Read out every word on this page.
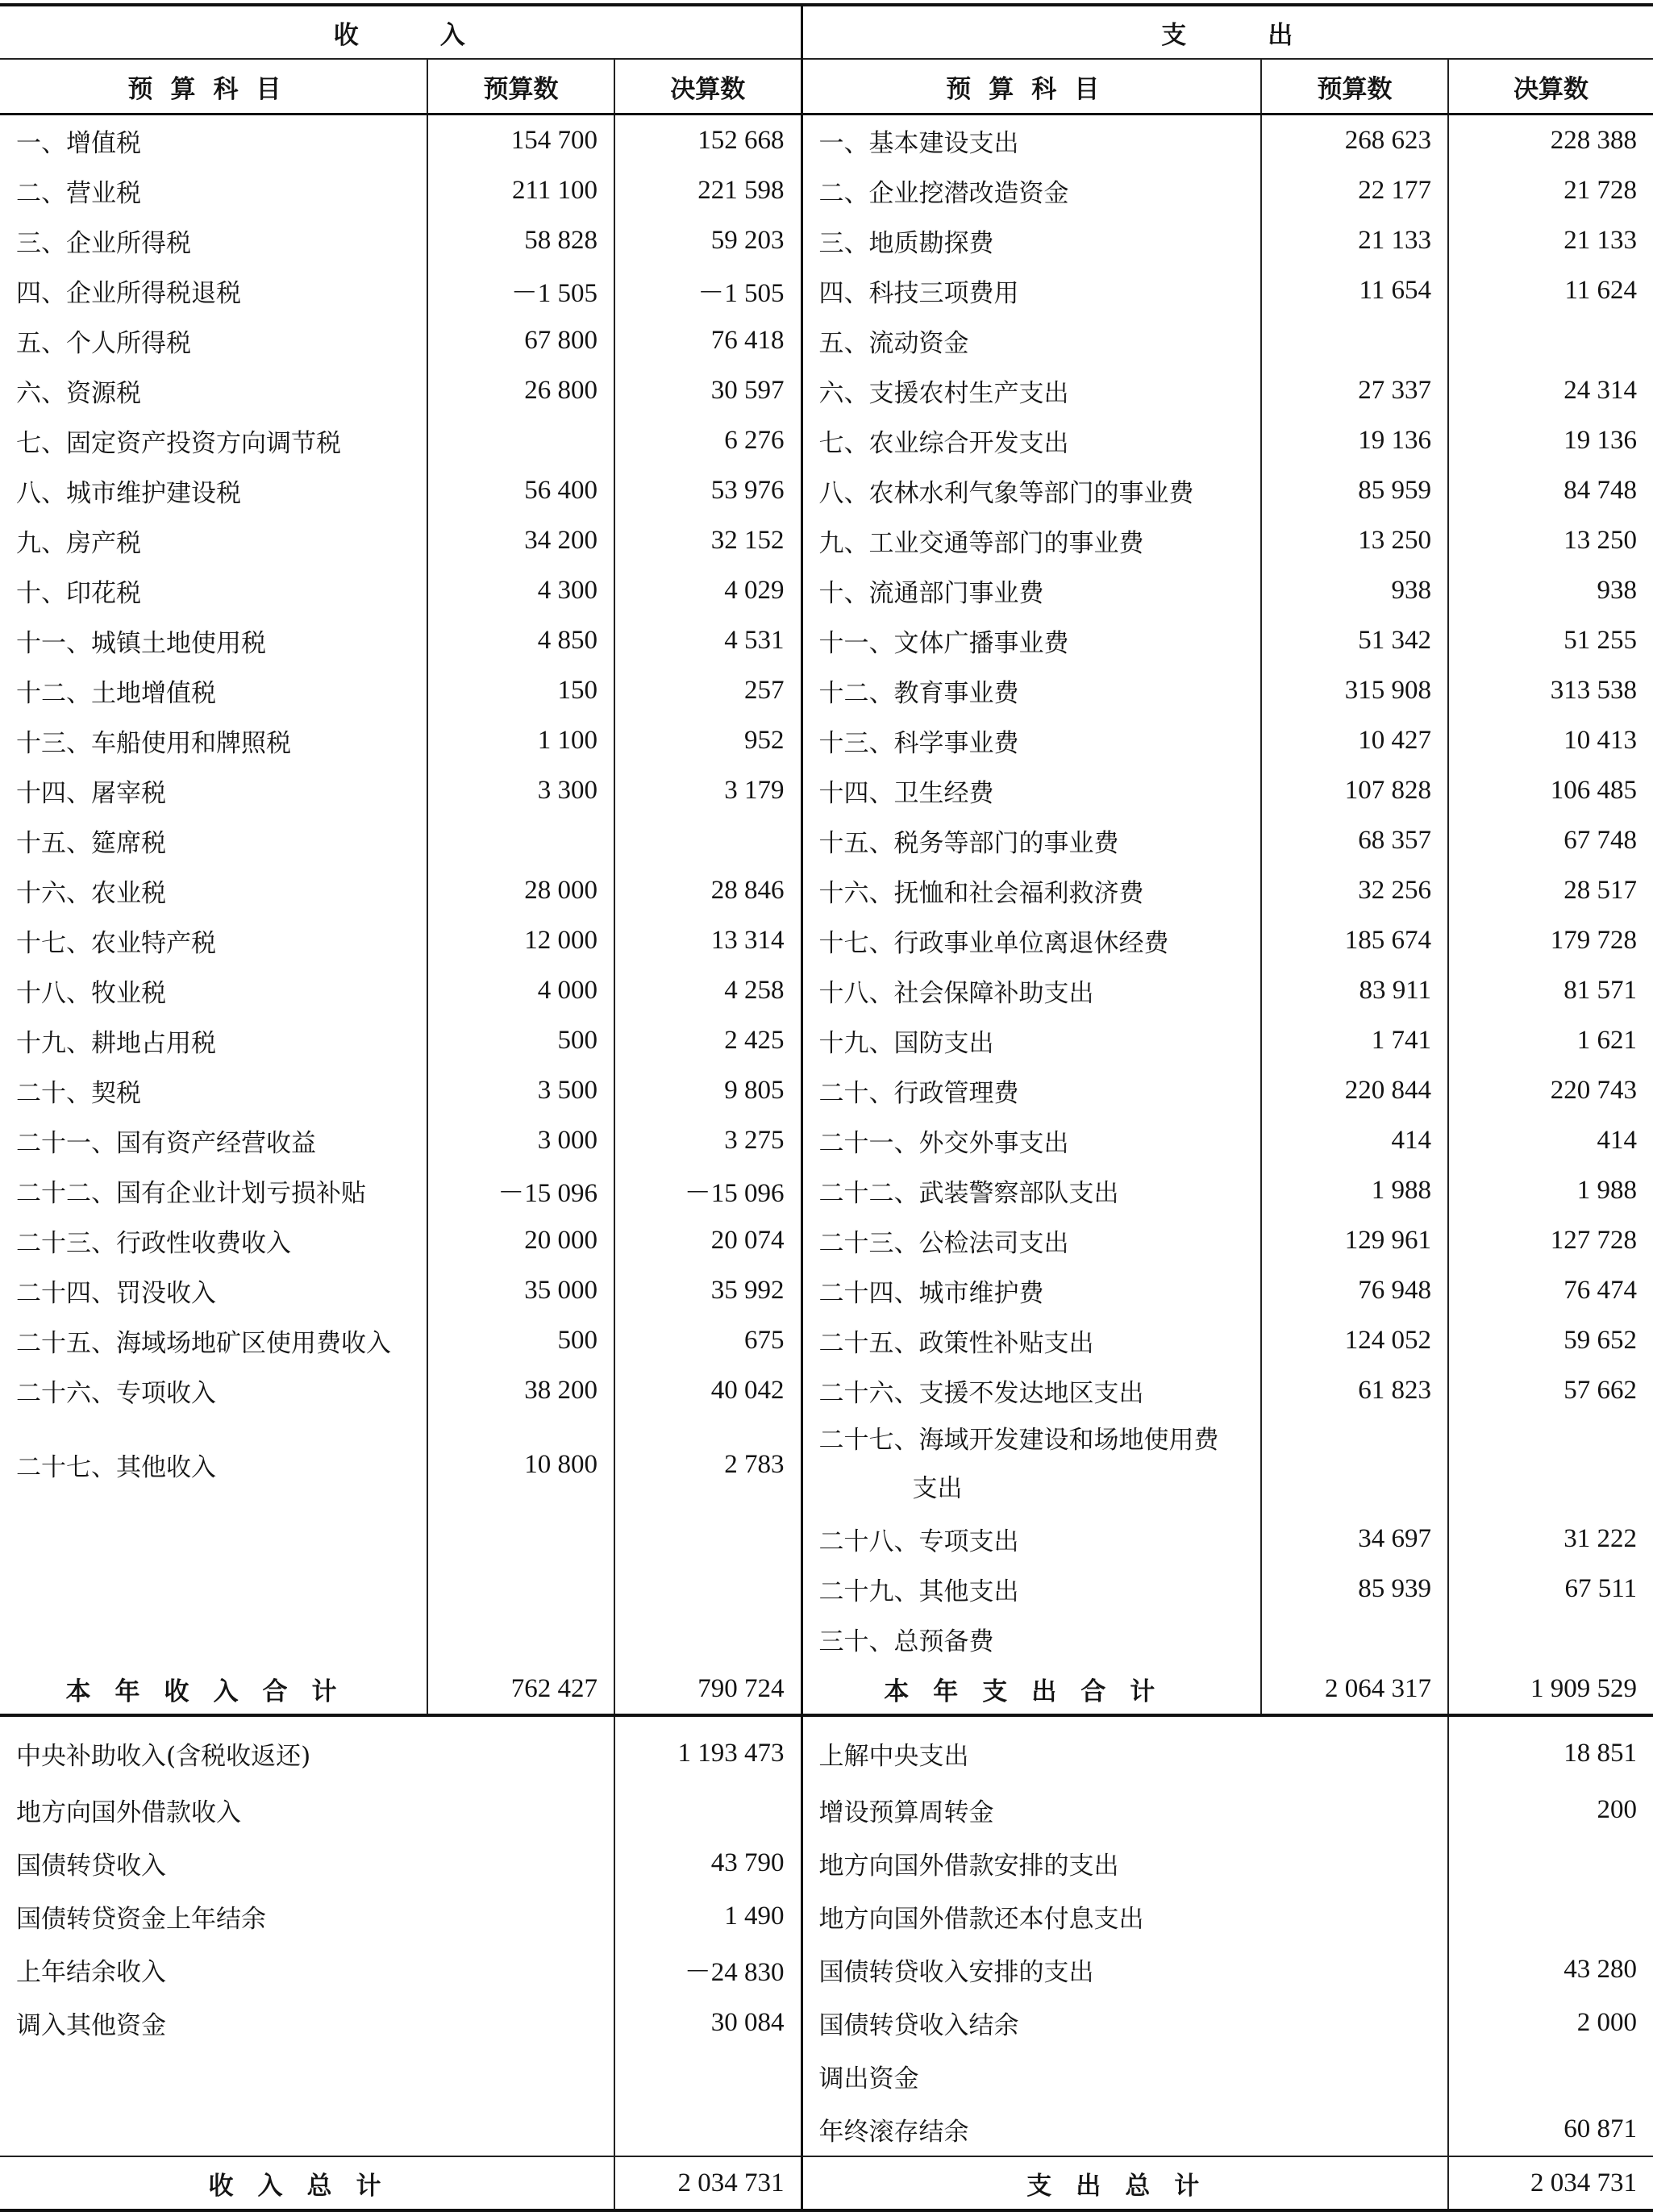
收　　　入			支　　　出		
预算科目	预算数	决算数	预算科目	预算数	决算数
一、增值税	154 700	152 668	一、基本建设支出	268 623	228 388
二、营业税	211 100	221 598	二、企业挖潜改造资金	22 177	21 728
三、企业所得税	58 828	59 203	三、地质勘探费	21 133	21 133
四、企业所得税退税	－1 505	－1 505	四、科技三项费用	11 654	11 624
五、个人所得税	67 800	76 418	五、流动资金		
六、资源税	26 800	30 597	六、支援农村生产支出	27 337	24 314
七、固定资产投资方向调节税		6 276	七、农业综合开发支出	19 136	19 136
八、城市维护建设税	56 400	53 976	八、农林水利气象等部门的事业费	85 959	84 748
九、房产税	34 200	32 152	九、工业交通等部门的事业费	13 250	13 250
十、印花税	4 300	4 029	十、流通部门事业费	938	938
十一、城镇土地使用税	4 850	4 531	十一、文体广播事业费	51 342	51 255
十二、土地增值税	150	257	十二、教育事业费	315 908	313 538
十三、车船使用和牌照税	1 100	952	十三、科学事业费	10 427	10 413
十四、屠宰税	3 300	3 179	十四、卫生经费	107 828	106 485
十五、筵席税			十五、税务等部门的事业费	68 357	67 748
十六、农业税	28 000	28 846	十六、抚恤和社会福利救济费	32 256	28 517
十七、农业特产税	12 000	13 314	十七、行政事业单位离退休经费	185 674	179 728
十八、牧业税	4 000	4 258	十八、社会保障补助支出	83 911	81 571
十九、耕地占用税	500	2 425	十九、国防支出	1 741	1 621
二十、契税	3 500	9 805	二十、行政管理费	220 844	220 743
二十一、国有资产经营收益	3 000	3 275	二十一、外交外事支出	414	414
二十二、国有企业计划亏损补贴	－15 096	－15 096	二十二、武装警察部队支出	1 988	1 988
二十三、行政性收费收入	20 000	20 074	二十三、公检法司支出	129 961	127 728
二十四、罚没收入	35 000	35 992	二十四、城市维护费	76 948	76 474
二十五、海域场地矿区使用费收入	500	675	二十五、政策性补贴支出	124 052	59 652
二十六、专项收入	38 200	40 042	二十六、支援不发达地区支出	61 823	57 662
二十七、其他收入	10 800	2 783	二十七、海域开发建设和场地使用费
支出		

			二十八、专项支出	34 697	31 222
			二十九、其他支出	85 939	67 511
			三十、总预备费		
本年收入合计	762 427	790 724	本年支出合计	2 064 317	1 909 529
中央补助收入(含税收返还)		1 193 473	上解中央支出		18 851
地方向国外借款收入			增设预算周转金		200
国债转贷收入		43 790	地方向国外借款安排的支出		
国债转贷资金上年结余		1 490	地方向国外借款还本付息支出		
上年结余收入		－24 830	国债转贷收入安排的支出		43 280
调入其他资金		30 084	国债转贷收入结余		2 000
			调出资金		
			年终滚存结余		60 871
收入总计		2 034 731	支出总计		2 034 731
